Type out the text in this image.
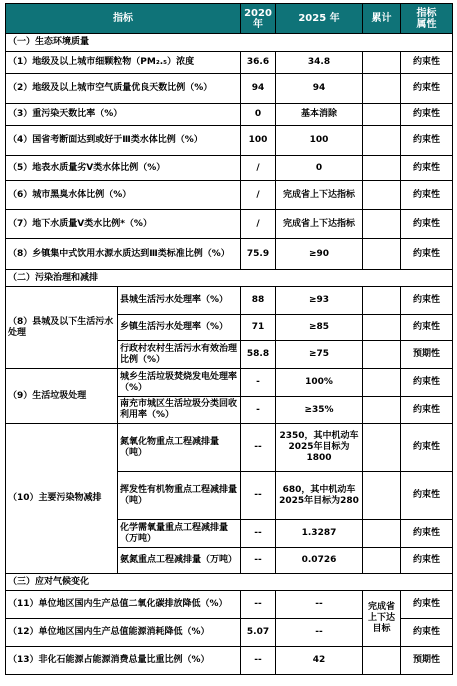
指标		2020
年	2025 年	累计	指标
属性
（一）生态环境质量					
（1）地级及以上城市细颗粒物（PM₂.₅）浓度		36.6	34.8		约束性
（2）地级及以上城市空气质量优良天数比例（%）		94	94		约束性
（3）重污染天数比率（%）		0	基本消除		约束性
（4）国省考断面达到或好于Ⅲ类水体比例（%）		100	100		约束性
（5）地表水质量劣Ⅴ类水体比例（%）		/	0		约束性
（6）城市黑臭水体比例（%）		/	完成省上下达指标		约束性
（7）地下水质量Ⅴ类水比例*（%）		/	完成省上下达指标		约束性
（8）乡镇集中式饮用水源水质达到Ⅲ类标准比例（%）		75.9	≥90		约束性
（二）污染治理和减排					
（8）县城及以下生活污水处理	县城生活污水处理率（%）	88	≥93		约束性
	乡镇生活污水处理率（%）	71	≥85		约束性
	行政村农村生活污水有效治理比例（%）	58.8	≥75		预期性
（9）生活垃圾处理	城乡生活垃圾焚烧发电处理率（%）	-	100%		约束性
	南充市城区生活垃圾分类回收利用率（%）	-	≥35%		约束性
（10）主要污染物减排	氮氧化物重点工程减排量（吨）	--	2350，其中机动车2025年目标为1800		约束性
	挥发性有机物重点工程减排量（吨）	--	680，其中机动车2025年目标为280		约束性
	化学需氧量重点工程减排量（万吨）	--	1.3287		约束性
	氨氮重点工程减排量（万吨）	--	0.0726		约束性
（三）应对气候变化					
（11）单位地区国内生产总值二氧化碳排放降低（%）		--	--	完成省上下达目标	约束性
（12）单位地区国内生产总值能源消耗降低（%）		5.07	--		约束性
（13）非化石能源占能源消费总量比重比例（%）		--	42		预期性
